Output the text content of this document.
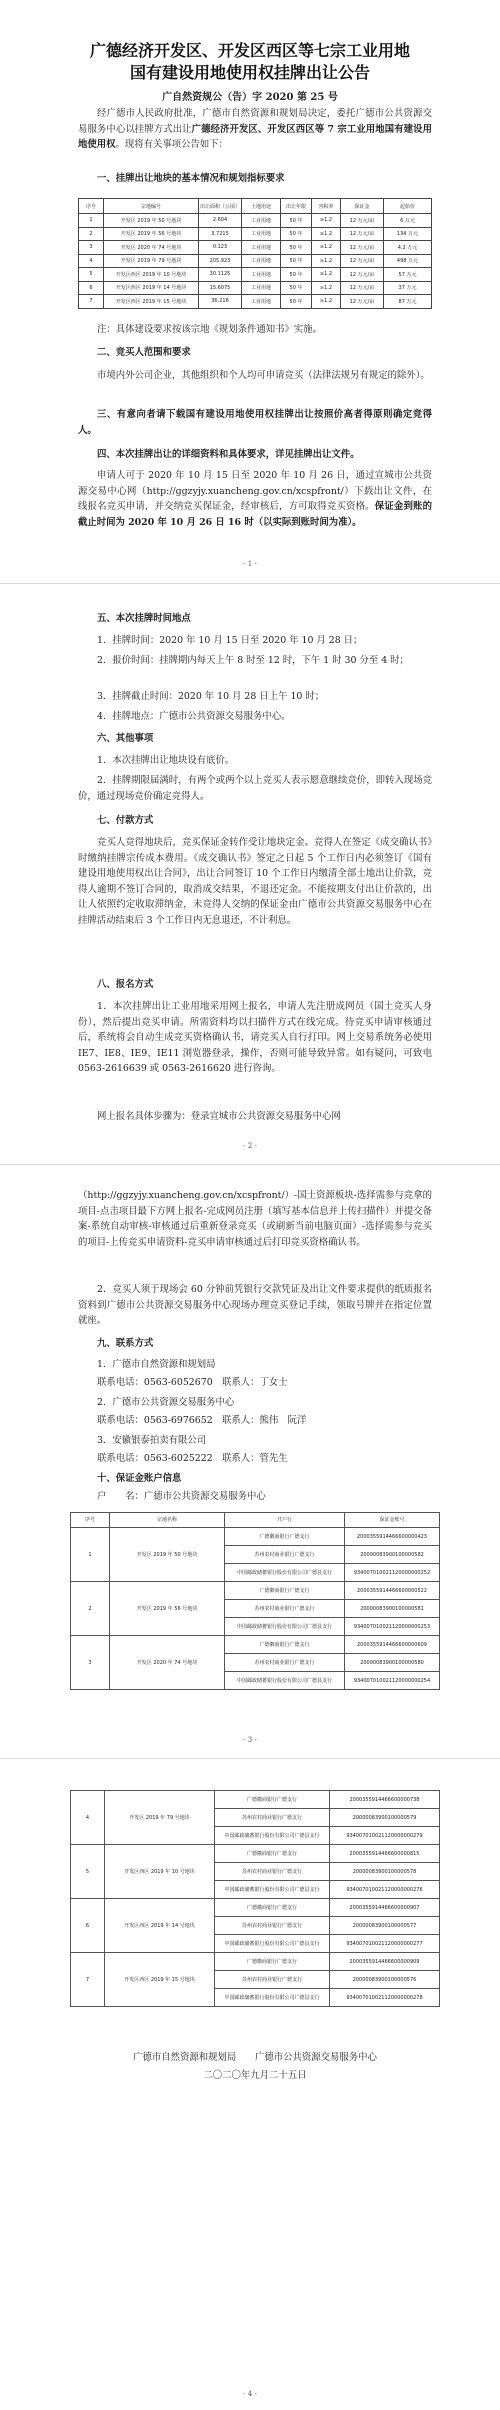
广德经济开发区、开发区西区等七宗工业用地
国有建设用地使用权挂牌出让公告
广自然资规公（告）字 2020 第 25 号

经广德市人民政府批准，广德市自然资源和规划局决定，委托广德市公共资源交易服务中心以挂牌方式出让广德经济开发区、开发区西区等 7 宗工业用地国有建设用地使用权。现将有关事项公告如下：

一、挂牌出让地块的基本情况和规划指标要求

序号	宗地编号	出让面积（公顷）	土地用途	出让年限	容积率	保证金	起始价
1	开发区 2019 年 50 号地块	2.604	工业用地	50 年	≥1.2	12 万元/亩	6 万元
2	开发区 2019 年 56 号地块	3.7215	工业用地	50 年	≥1.2	12 万元/亩	134 万元
3	开发区 2020 年 74 号地块	0.123	工业用地	50 年	≥1.2	12 万元/亩	4.2 万元
4	开发区 2019 年 79 号地块	205.923	工业用地	50 年	≥1.2	12 万元/亩	498 万元
5	开发区西区 2019 年 10 号地块	30.1125	工业用地	50 年	≥1.2	12 万元/亩	57 万元
6	开发区西区 2019 年 14 号地块	15.6075	工业用地	50 年	≥1.2	12 万元/亩	37 万元
7	开发区西区 2019 年 15 号地块	36.216	工业用地	50 年	≥1.2	12 万元/亩	87 万元

注：具体建设要求按该宗地《规划条件通知书》实施。

二、竞买人范围和要求

市境内外公司企业，其他组织和个人均可申请竞买（法律法规另有规定的除外）。

三、有意向者请下载国有建设用地使用权挂牌出让按照价高者得原则确定竞得人。

四、本次挂牌出让的详细资料和具体要求，详见挂牌出让文件。

申请人可于 2020 年 10 月 15 日至 2020 年 10 月 26 日，通过宣城市公共资源交易中心网（http://ggzyjy.xuancheng.gov.cn/xcspfront/）下载出让文件，在线报名竞买申请，并交纳竞买保证金，经审核后，方可取得竞买资格。保证金到账的截止时间为 2020 年 10 月 26 日 16 时（以实际到账时间为准）。

- 1 -

五、本次挂牌时间地点

1．挂牌时间：2020 年 10 月 15 日至 2020 年 10 月 28 日；

2．报价时间：挂牌期内每天上午 8 时至 12 时，下午 1 时 30 分至 4 时；

3．挂牌截止时间：2020 年 10 月 28 日上午 10 时；

4．挂牌地点：广德市公共资源交易服务中心。

六、其他事项

1．本次挂牌出让地块设有底价。

2．挂牌期限届满时，有两个或两个以上竞买人表示愿意继续竞价，即转入现场竞价，通过现场竞价确定竞得人。

七、付款方式

竞买人竞得地块后，竞买保证金转作受让地块定金。竞得人在签定《成交确认书》时缴纳挂牌宗传成本费用。《成交确认书》签定之日起 5 个工作日内必须签订《国有建设用地使用权出让合同》，出让合同签订 10 个工作日内缴清全部土地出让价款，竞得人逾期不签订合同的，取消成交结果，不退还定金。不能按期支付出让价款的，出让人依照约定收取滞纳金，未竞得人交纳的保证金由广德市公共资源交易服务中心在挂牌活动结束后 3 个工作日内无息退还，不计利息。

八、报名方式

1．本次挂牌出让工业用地采用网上报名，申请人先注册成网员（国土竞买人身份），然后提出竞买申请。所需资料均以扫描件方式在线完成。待竞买申请审核通过后，系统将会自动生成竞买资格确认书，请竞买人自行打印。网上交易系统务必使用 IE7、IE8、IE9、IE11 浏览器登录，操作，否则可能导致异常。如有疑问，可致电 0563-2616639 或 0563-2616620 进行咨询。

网上报名具体步骤为：登录宣城市公共资源交易服务中心网

- 2 -

（http://ggzyjy.xuancheng.gov.cn/xcspfront/）-国土资源板块-选择需参与竞拿的项目-点击项目最下方网上报名-完成网员注册（填写基本信息并上传扫描件）并提交备案-系统自动审核-审核通过后重新登录竞买（或刷新当前电脑页面）-选择需参与竞买的项目-上传竞买申请资料-竞买申请审核通过后打印竞买资格确认书。

2．竞买人须于现场会 60 分钟前凭银行交款凭证及出让文件要求提供的纸质报名资料到广德市公共资源交易服务中心现场办理竞买登记手续，领取号牌并在指定位置就座。

九、联系方式

1．广德市自然资源和规划局

联系电话：0563-6052670　联系人：丁女士

2．广德市公共资源交易服务中心

联系电话：0563-6976652　联系人：熊伟　阮洋

3．安徽银泰拍卖有限公司

联系电话：0563-6025222　联系人：管先生

十、保证金账户信息

户　　名：广德市公共资源交易服务中心

序号	宗地名称	开户行	保证金账号
1	开发区 2019 年 50 号地块	广德徽商银行广德支行	2000355914466600000423
		苏州农村商业银行广德支行	20000083900100000582
		中国邮政储蓄银行股份有限公司广德县支行	934007010021120000000252
2	开发区 2019 年 56 号地块	广德徽商银行广德支行	2000355914466600000522
		苏州农村商业银行广德支行	20000083900100000581
		中国邮政储蓄银行股份有限公司广德县支行	934007010021120000000253
3	开发区 2020 年 74 号地块	广德徽商银行广德支行	2000355914466600000609
		苏州农村商业银行广德支行	20000083900100000580
		中国邮政储蓄银行股份有限公司广德县支行	934007010021120000000254
- 3 -
4	开发区 2019 年 79 号地块	广德徽商银行广德支行	2000355914466600000738
		苏州农村商业银行广德支行	20000083900100000579
		中国邮政储蓄银行股份有限公司广德县支行	934007010021120000000279
5	开发区西区 2019 年 10 号地块	广德徽商银行广德支行	2000355914466600000815
		苏州农村商业银行广德支行	20000083900100000578
		中国邮政储蓄银行股份有限公司广德县支行	934007010021120000000276
6	开发区西区 2019 年 14 号地块	广德徽商银行广德支行	2000355914466600000907
		苏州农村商业银行广德支行	20000083900100000577
		中国邮政储蓄银行股份有限公司广德县支行	934007010021120000000277
7	开发区西区 2019 年 15 号地块	广德徽商银行广德支行	2000355914466600000909
		苏州农村商业银行广德支行	20000083900100000576
		中国邮政储蓄银行股份有限公司广德县支行	934007010021120000000278

广德市自然资源和规划局　　广德市公共资源交易服务中心

二〇二〇年九月二十五日

- 4 -
